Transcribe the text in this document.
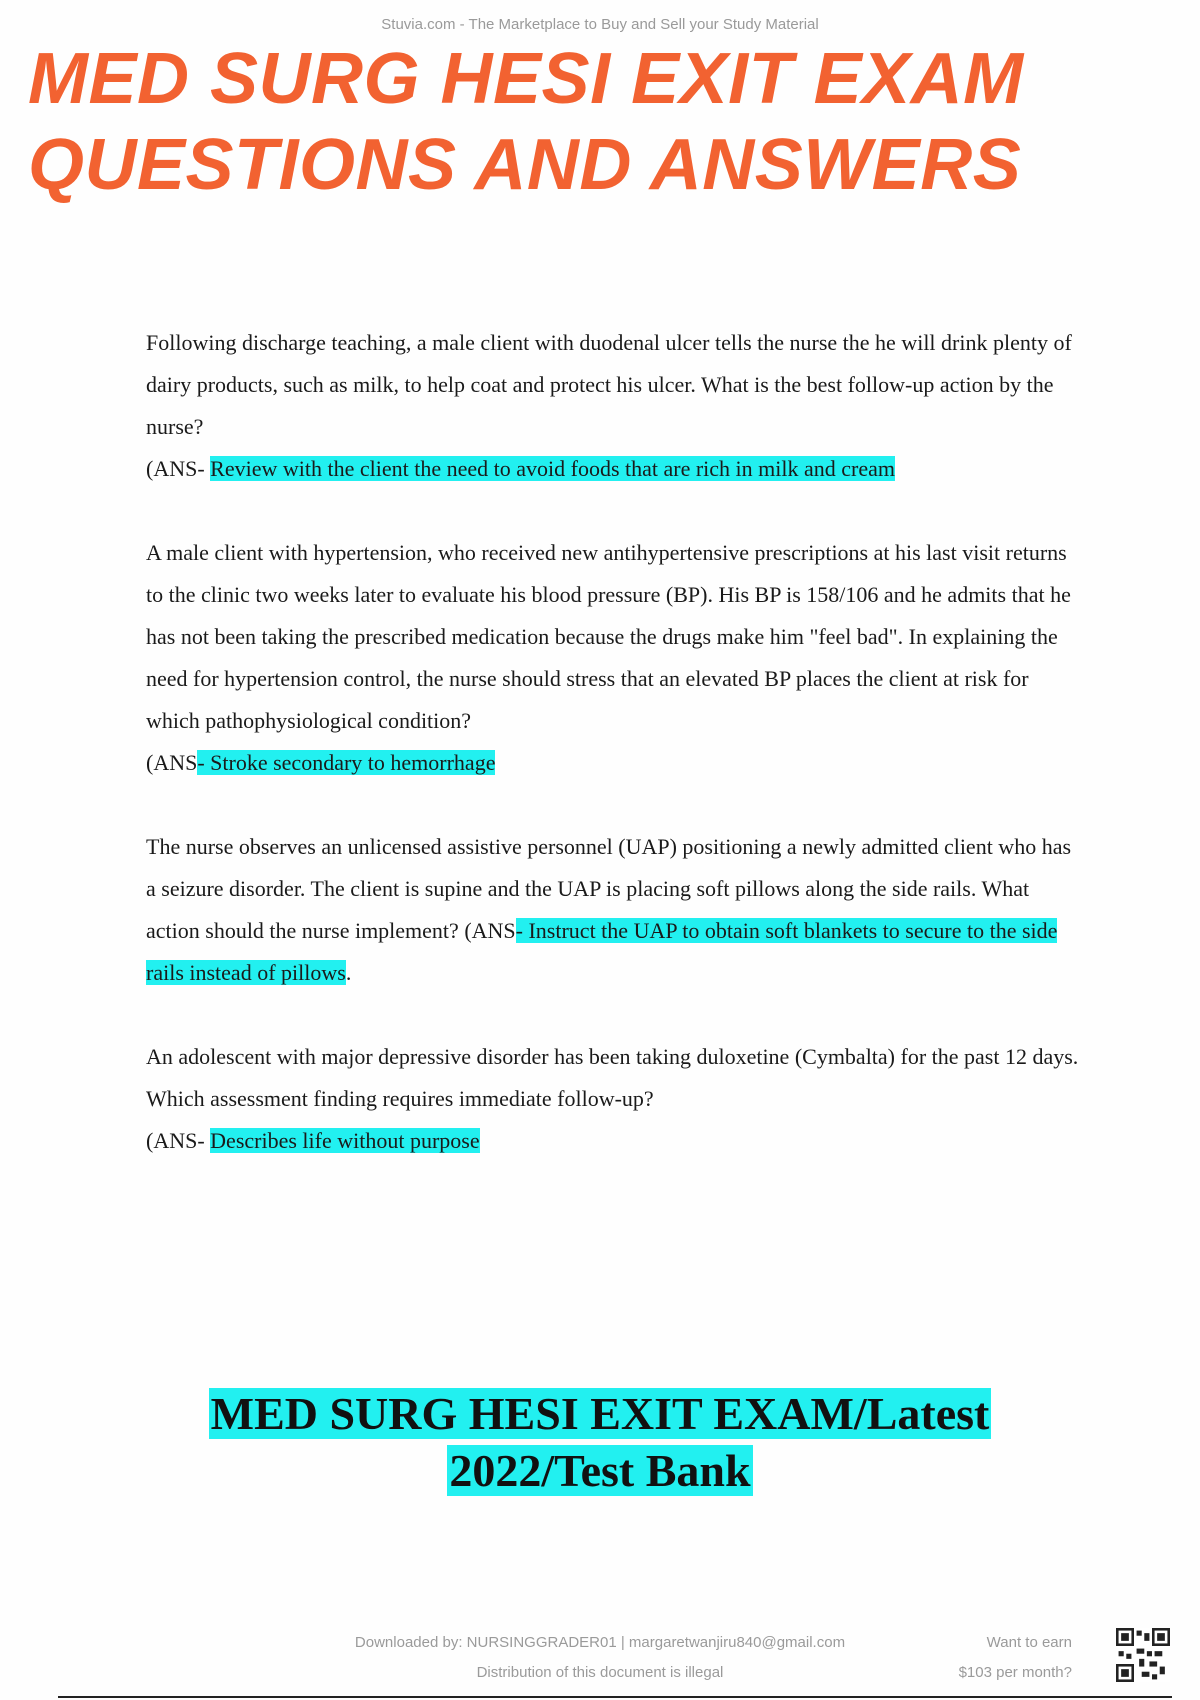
Stuvia.com - The Marketplace to Buy and Sell your Study Material
MED SURG HESI EXIT EXAM
QUESTIONS AND ANSWERS

Following discharge teaching, a male client with duodenal ulcer tells the nurse the he will drink plenty of dairy products, such as milk, to help coat and protect his ulcer. What is the best follow-up action by the nurse?
(ANS- Review with the client the need to avoid foods that are rich in milk and cream

A male client with hypertension, who received new antihypertensive prescriptions at his last visit returns to the clinic two weeks later to evaluate his blood pressure (BP). His BP is 158/106 and he admits that he has not been taking the prescribed medication because the drugs make him "feel bad". In explaining the need for hypertension control, the nurse should stress that an elevated BP places the client at risk for which pathophysiological condition?
(ANS- Stroke secondary to hemorrhage

The nurse observes an unlicensed assistive personnel (UAP) positioning a newly admitted client who has a seizure disorder. The client is supine and the UAP is placing soft pillows along the side rails. What action should the nurse implement? (ANS- Instruct the UAP to obtain soft blankets to secure to the side rails instead of pillows.

An adolescent with major depressive disorder has been taking duloxetine (Cymbalta) for the past 12 days. Which assessment finding requires immediate follow-up?
(ANS- Describes life without purpose

MED SURG HESI EXIT EXAM/Latest
2022/Test Bank
Downloaded by: NURSINGGRADER01 | margaretwanjiru840@gmail.com
Distribution of this document is illegal
Want to earn
$103 per month?
